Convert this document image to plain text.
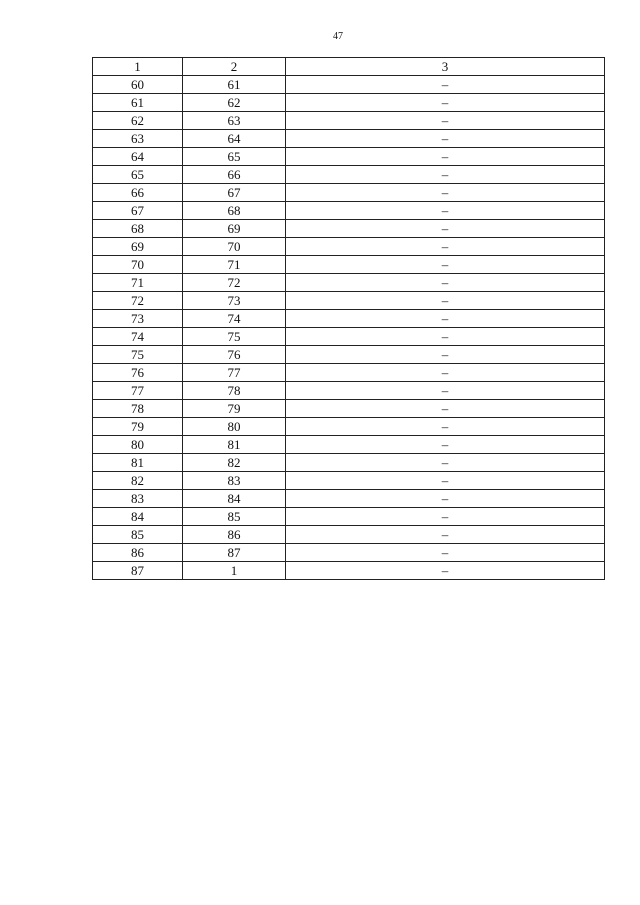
47
1	2	3
60	61	–
61	62	–
62	63	–
63	64	–
64	65	–
65	66	–
66	67	–
67	68	–
68	69	–
69	70	–
70	71	–
71	72	–
72	73	–
73	74	–
74	75	–
75	76	–
76	77	–
77	78	–
78	79	–
79	80	–
80	81	–
81	82	–
82	83	–
83	84	–
84	85	–
85	86	–
86	87	–
87	1	–
